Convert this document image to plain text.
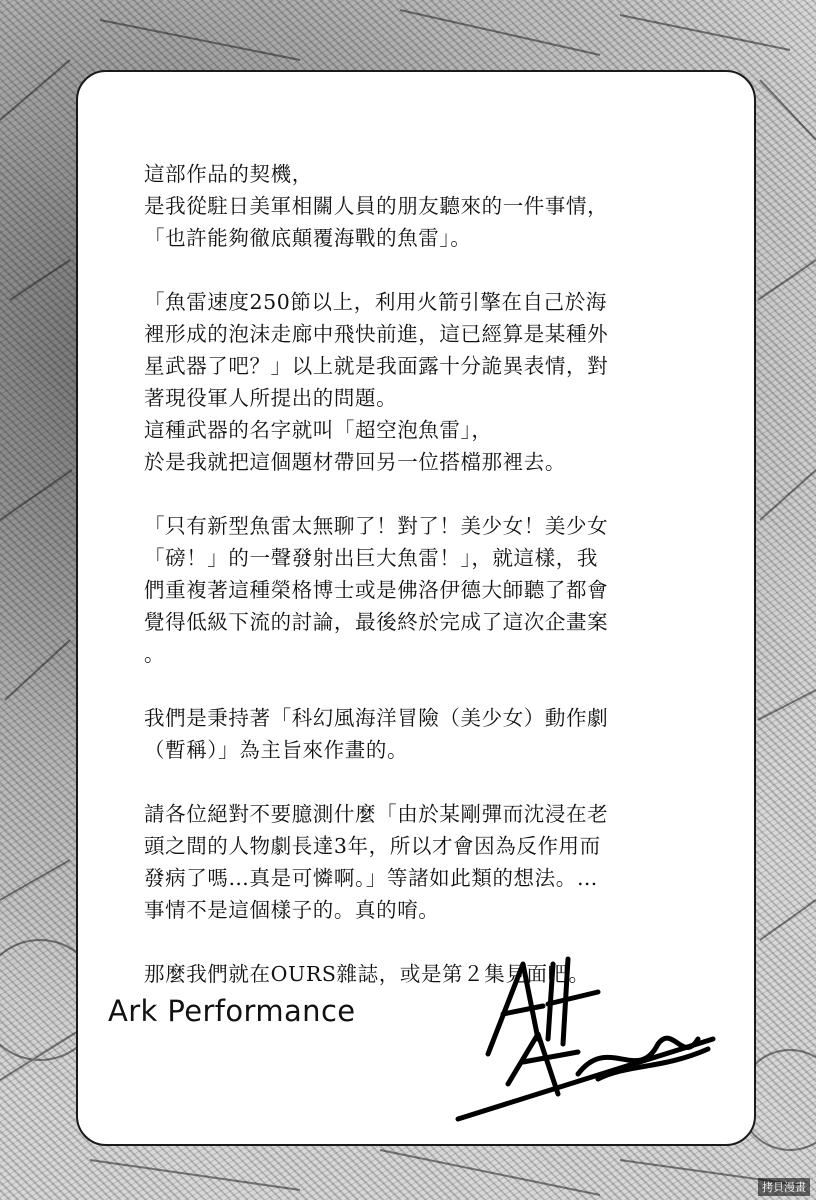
這部作品的契機，
是我從駐日美軍相關人員的朋友聽來的一件事情，
「也許能夠徹底顛覆海戰的魚雷」。

「魚雷速度250節以上，利用火箭引擎在自己於海
裡形成的泡沫走廊中飛快前進，這已經算是某種外
星武器了吧？」以上就是我面露十分詭異表情，對
著現役軍人所提出的問題。
這種武器的名字就叫「超空泡魚雷」，
於是我就把這個題材帶回另一位搭檔那裡去。

「只有新型魚雷太無聊了！對了！美少女！美少女
「磅！」的一聲發射出巨大魚雷！」，就這樣，我
們重複著這種榮格博士或是佛洛伊德大師聽了都會
覺得低級下流的討論，最後終於完成了這次企畫案
。

我們是秉持著「科幻風海洋冒險（美少女）動作劇
（暫稱）」為主旨來作畫的。

請各位絕對不要臆測什麼「由於某剛彈而沈浸在老
頭之間的人物劇長達3年，所以才會因為反作用而
發病了嗎…真是可憐啊。」等諸如此類的想法。…
事情不是這個樣子的。真的唷。

那麼我們就在OURS雜誌，或是第２集見面吧。

Ark Performance
拷貝漫畫
